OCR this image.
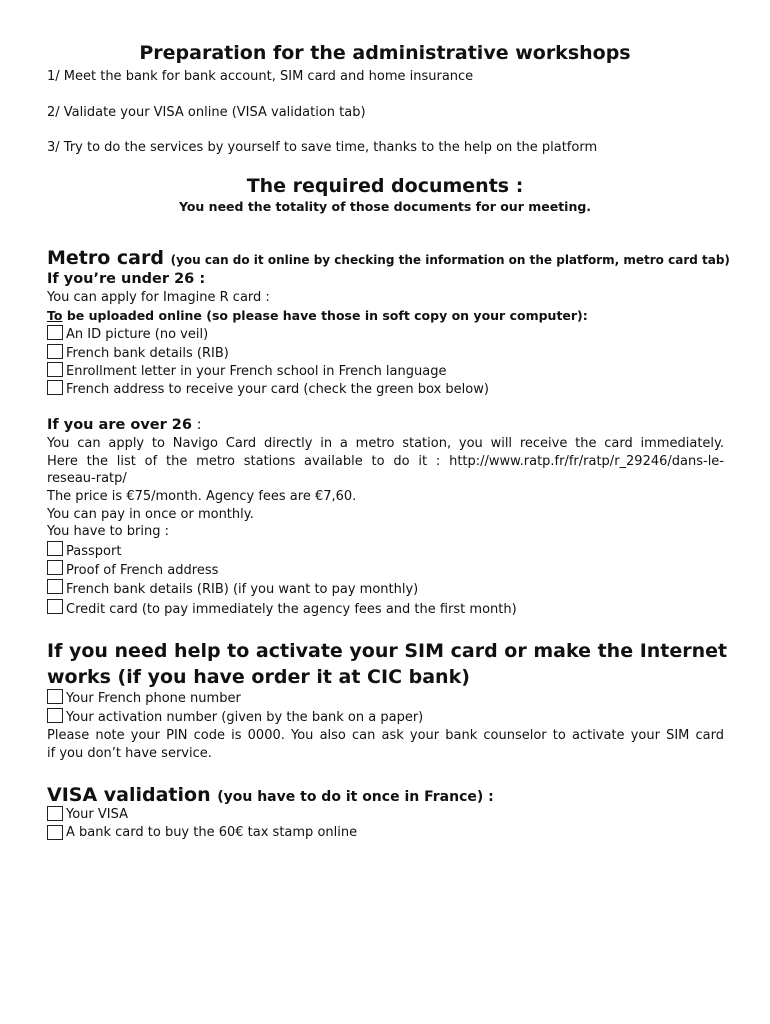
Preparation for the administrative workshops
1/ Meet the bank for bank account, SIM card and home insurance
2/ Validate your VISA online (VISA validation tab)
3/ Try to do the services by yourself to save time, thanks to the help on the platform
The required documents :
You need the totality of those documents for our meeting.
Metro card (you can do it online by checking the information on the platform, metro card tab)
If you’re under 26 :
You can apply for Imagine R card :
To be uploaded online (so please have those in soft copy on your computer):
An ID picture (no veil)
French bank details (RIB)
Enrollment letter in your French school in French language
French address to receive your card (check the green box below)
If you are over 26 :
You can apply to Navigo Card directly in a metro station, you will receive the card immediately.
Here the list of the metro stations available to do it : http://www.ratp.fr/fr/ratp/r_29246/dans-le-
reseau-ratp/
The price is €75/month. Agency fees are €7,60.
You can pay in once or monthly.
You have to bring :
Passport
Proof of French address
French bank details (RIB) (if you want to pay monthly)
Credit card (to pay immediately the agency fees and the first month)
If you need help to activate your SIM card or make the Internet
works (if you have order it at CIC bank)
Your French phone number
Your activation number (given by the bank on a paper)
Please note your PIN code is 0000. You also can ask your bank counselor to activate your SIM card
if you don’t have service.
VISA validation (you have to do it once in France) :
Your VISA
A bank card to buy the 60€ tax stamp online
